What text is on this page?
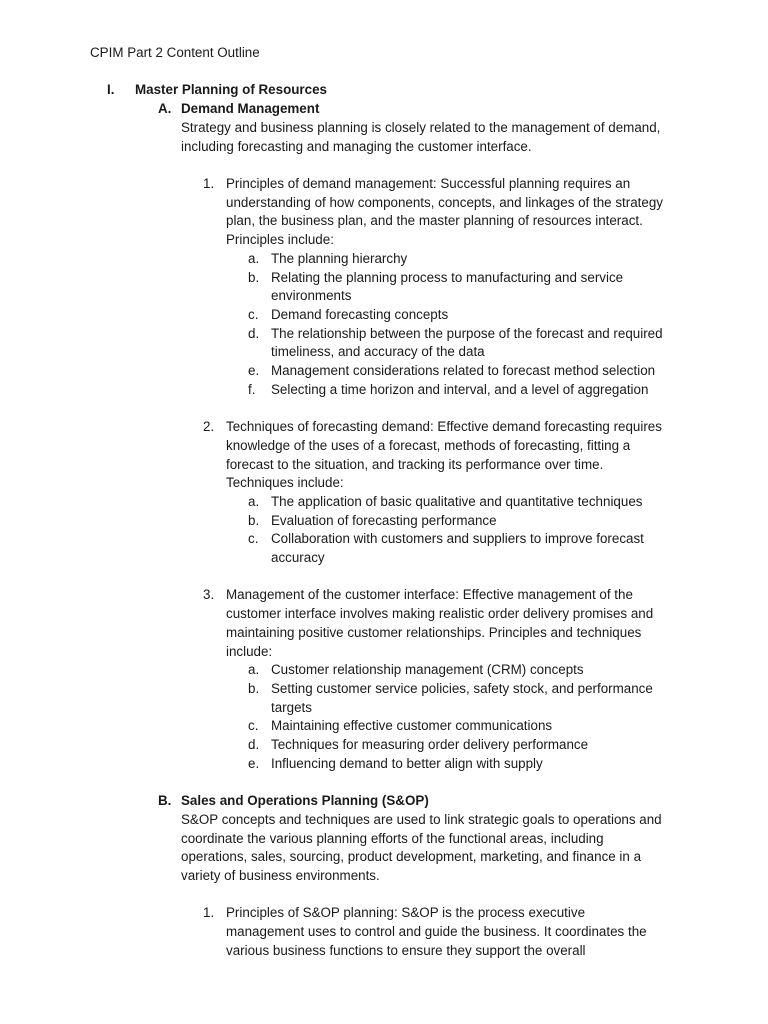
CPIM Part 2 Content Outline
I. Master Planning of Resources
A. Demand Management
Strategy and business planning is closely related to the management of demand,
including forecasting and managing the customer interface.
1. Principles of demand management: Successful planning requires an
understanding of how components, concepts, and linkages of the strategy
plan, the business plan, and the master planning of resources interact.
Principles include:
a. The planning hierarchy
b. Relating the planning process to manufacturing and service
environments
c. Demand forecasting concepts
d. The relationship between the purpose of the forecast and required
timeliness, and accuracy of the data
e. Management considerations related to forecast method selection
f. Selecting a time horizon and interval, and a level of aggregation
2. Techniques of forecasting demand: Effective demand forecasting requires
knowledge of the uses of a forecast, methods of forecasting, fitting a
forecast to the situation, and tracking its performance over time.
Techniques include:
a. The application of basic qualitative and quantitative techniques
b. Evaluation of forecasting performance
c. Collaboration with customers and suppliers to improve forecast
accuracy
3. Management of the customer interface: Effective management of the
customer interface involves making realistic order delivery promises and
maintaining positive customer relationships. Principles and techniques
include:
a. Customer relationship management (CRM) concepts
b. Setting customer service policies, safety stock, and performance
targets
c. Maintaining effective customer communications
d. Techniques for measuring order delivery performance
e. Influencing demand to better align with supply
B. Sales and Operations Planning (S&OP)
S&OP concepts and techniques are used to link strategic goals to operations and
coordinate the various planning efforts of the functional areas, including
operations, sales, sourcing, product development, marketing, and finance in a
variety of business environments.
1. Principles of S&OP planning: S&OP is the process executive
management uses to control and guide the business. It coordinates the
various business functions to ensure they support the overall
